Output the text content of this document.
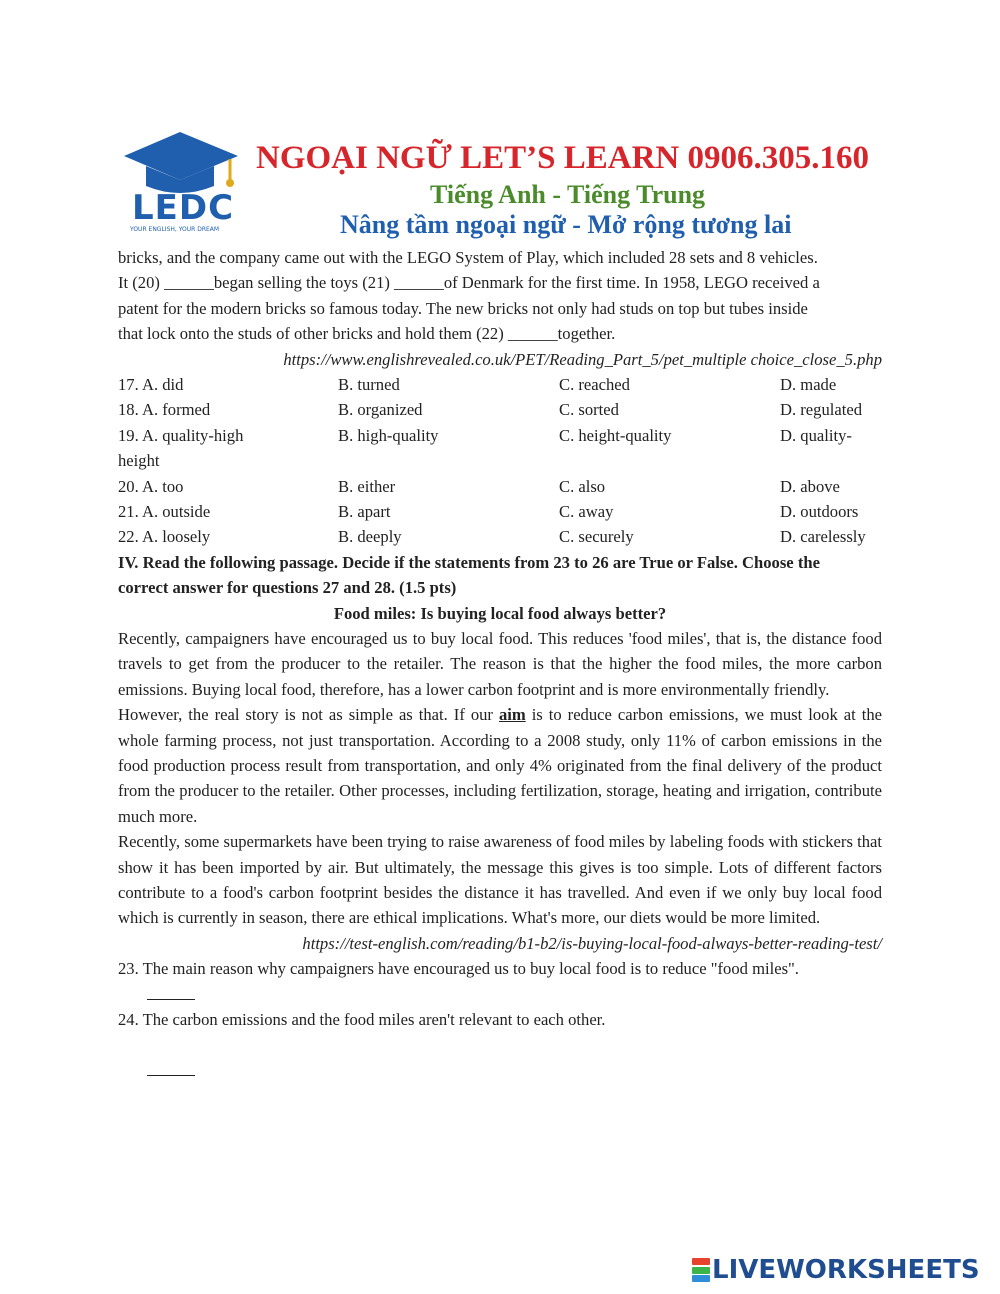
LEDC
YOUR ENGLISH, YOUR DREAM
NGOẠI NGỮ LET’S LEARN 0906.305.160
Tiếng Anh - Tiếng Trung
Nâng tầm ngoại ngữ - Mở rộng tương lai

bricks, and the company came out with the LEGO System of Play, which included 28 sets and 8 vehicles.

It (20) ______began selling the toys (21) ______of Denmark for the first time. In 1958, LEGO received a

patent for the modern bricks so famous today. The new bricks not only had studs on top but tubes inside

that lock onto the studs of other bricks and hold them (22) ______together.

https://www.englishrevealed.co.uk/PET/Reading_Part_5/pet_multiple choice_close_5.php

17. A. did	B. turned	C. reached	D. made
18. A. formed	B. organized	C. sorted	D. regulated
19. A. quality-high	B. high-quality	C. height-quality	D. quality-
height
20. A. too	B. either	C. also	D. above
21. A. outside	B. apart	C. away	D. outdoors
22. A. loosely	B. deeply	C. securely	D. carelessly

IV. Read the following passage. Decide if the statements from 23 to 26 are True or False. Choose the

correct answer for questions 27 and 28. (1.5 pts)

Food miles: Is buying local food always better?

Recently, campaigners have encouraged us to buy local food. This reduces 'food miles', that is, the distance food travels to get from the producer to the retailer. The reason is that the higher the food miles, the more carbon emissions. Buying local food, therefore, has a lower carbon footprint and is more environmentally friendly.

However, the real story is not as simple as that. If our aim is to reduce carbon emissions, we must look at the whole farming process, not just transportation. According to a 2008 study, only 11% of carbon emissions in the food production process result from transportation, and only 4% originated from the final delivery of the product from the producer to the retailer. Other processes, including fertilization, storage, heating and irrigation, contribute much more.

Recently, some supermarkets have been trying to raise awareness of food miles by labeling foods with stickers that show it has been imported by air. But ultimately, the message this gives is too simple. Lots of different factors contribute to a food's carbon footprint besides the distance it has travelled. And even if we only buy local food which is currently in season, there are ethical implications. What's more, our diets would be more limited.

https://test-english.com/reading/b1-b2/is-buying-local-food-always-better-reading-test/

23. The main reason why campaigners have encouraged us to buy local food is to reduce "food miles".

24. The carbon emissions and the food miles aren't relevant to each other.

LIVEWORKSHEETS
